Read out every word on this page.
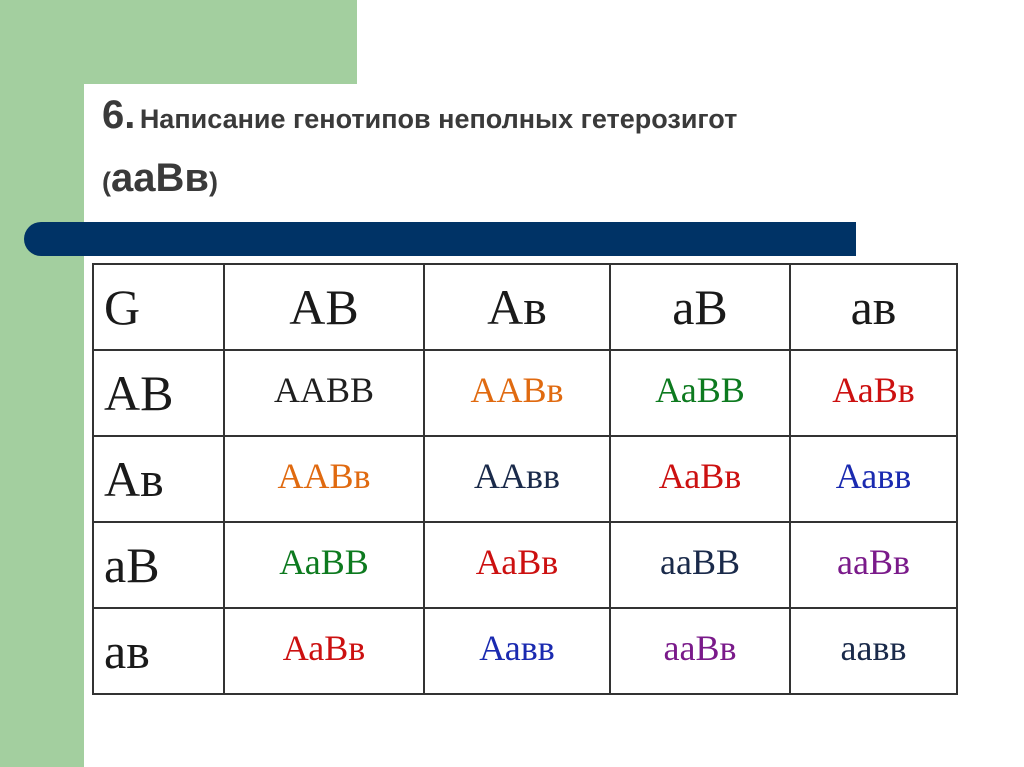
6. Написание генотипов неполных гетерозигот
(ааВв)
G	АВ	Ав	аВ	ав
АВ	ААВВ	ААВв	АаВВ	АаВв
Ав	ААВв	ААвв	АаВв	Аавв
аВ	АаВВ	АаВв	ааВВ	ааВв
ав	АаВв	Аавв	ааВв	аавв
